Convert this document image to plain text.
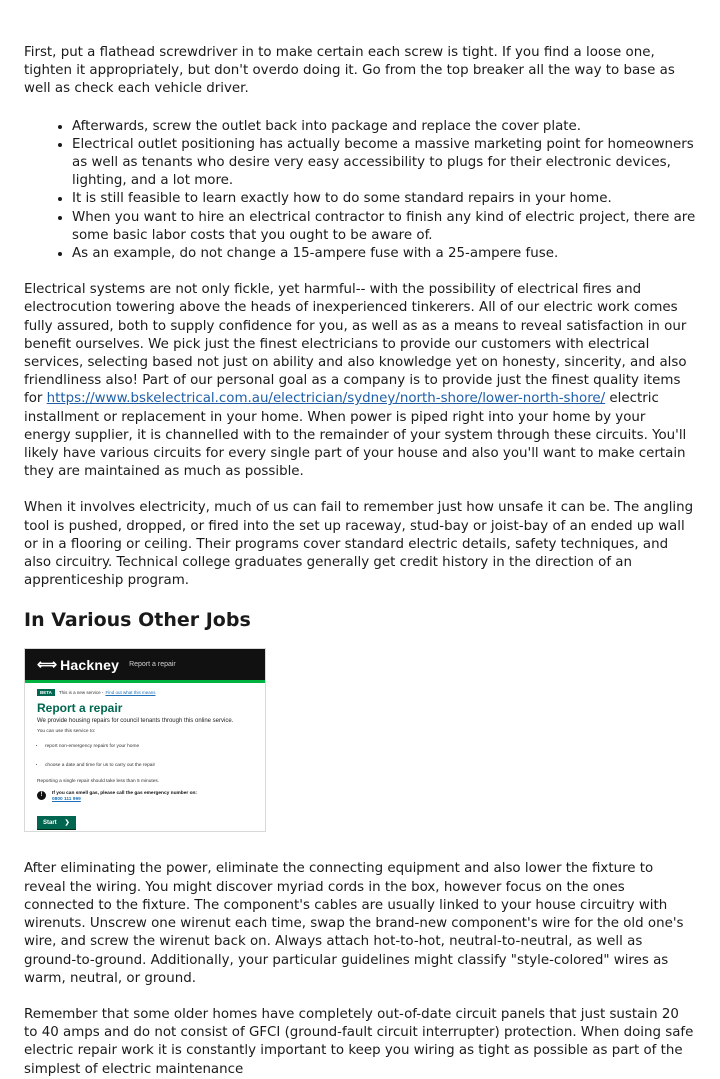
First, put a flathead screwdriver in to make certain each screw is tight. If you find a loose one, tighten it appropriately, but don't overdo doing it. Go from the top breaker all the way to base as well as check each vehicle driver.

• Afterwards, screw the outlet back into package and replace the cover plate.
• Electrical outlet positioning has actually become a massive marketing point for homeowners as well as tenants who desire very easy accessibility to plugs for their electronic devices, lighting, and a lot more.
• It is still feasible to learn exactly how to do some standard repairs in your home.
• When you want to hire an electrical contractor to finish any kind of electric project, there are some basic labor costs that you ought to be aware of.
• As an example, do not change a 15-ampere fuse with a 25-ampere fuse.

Electrical systems are not only fickle, yet harmful-- with the possibility of electrical fires and electrocution towering above the heads of inexperienced tinkerers. All of our electric work comes fully assured, both to supply confidence for you, as well as as a means to reveal satisfaction in our benefit ourselves. We pick just the finest electricians to provide our customers with electrical services, selecting based not just on ability and also knowledge yet on honesty, sincerity, and also friendliness also! Part of our personal goal as a company is to provide just the finest quality items for https://www.bskelectrical.com.au/electrician/sydney/north-shore/lower-north-shore/ electric installment or replacement in your home. When power is piped right into your home by your energy supplier, it is channelled with to the remainder of your system through these circuits. You'll likely have various circuits for every single part of your house and also you'll want to make certain they are maintained as much as possible.

When it involves electricity, much of us can fail to remember just how unsafe it can be. The angling tool is pushed, dropped, or fired into the set up raceway, stud-bay or joist-bay of an ended up wall or in a flooring or ceiling. Their programs cover standard electric details, safety techniques, and also circuitry. Technical college graduates generally get credit history in the direction of an apprenticeship program.

In Various Other Jobs
⟺ Hackney Report a repair
BETA	This is a new service - Find out what this means
Report a repair
We provide housing repairs for council tenants through this online service.
You can use this service to:
• report non-emergency repairs for your home
• choose a date and time for us to carry out the repair
Reporting a single repair should take less than 5 minutes.
!	If you can smell gas, please call the gas emergency number on:
0800 111 999
Start ❯

After eliminating the power, eliminate the connecting equipment and also lower the fixture to reveal the wiring. You might discover myriad cords in the box, however focus on the ones connected to the fixture. The component's cables are usually linked to your house circuitry with wirenuts. Unscrew one wirenut each time, swap the brand-new component's wire for the old one's wire, and screw the wirenut back on. Always attach hot-to-hot, neutral-to-neutral, as well as ground-to-ground. Additionally, your particular guidelines might classify "style-colored" wires as warm, neutral, or ground.

Remember that some older homes have completely out-of-date circuit panels that just sustain 20 to 40 amps and do not consist of GFCI (ground-fault circuit interrupter) protection. When doing safe electric repair work it is constantly important to keep you wiring as tight as possible as part of the simplest of electric maintenance
